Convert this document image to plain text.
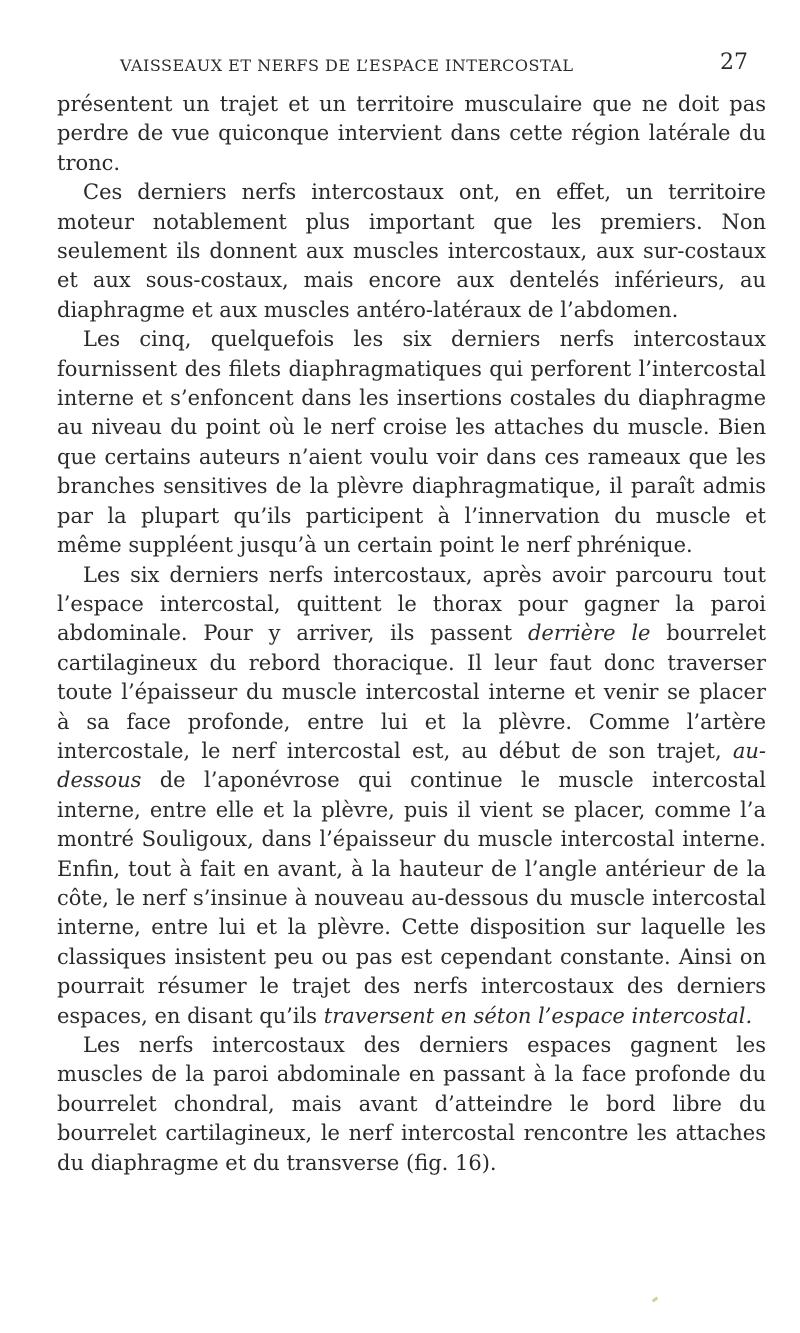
VAISSEAUX ET NERFS DE L’ESPACE INTERCOSTAL	27

présentent un trajet et un territoire musculaire que ne doit pas perdre de vue quiconque intervient dans cette région latérale du tronc.

Ces derniers nerfs intercostaux ont, en effet, un territoire moteur notablement plus important que les premiers. Non seulement ils donnent aux muscles intercostaux, aux sur-costaux et aux sous-costaux, mais encore aux dentelés inférieurs, au diaphragme et aux muscles antéro-latéraux de l’abdomen.

Les cinq, quelquefois les six derniers nerfs intercostaux fournissent des filets diaphragmatiques qui perforent l’intercostal interne et s’enfoncent dans les insertions costales du diaphragme au niveau du point où le nerf croise les attaches du muscle. Bien que certains auteurs n’aient voulu voir dans ces rameaux que les branches sensitives de la plèvre diaphragmatique, il paraît admis par la plupart qu’ils participent à l’innervation du muscle et même suppléent jusqu’à un certain point le nerf phrénique.

Les six derniers nerfs intercostaux, après avoir parcouru tout l’espace intercostal, quittent le thorax pour gagner la paroi abdominale. Pour y arriver, ils passent derrière le bourrelet cartilagineux du rebord thoracique. Il leur faut donc traverser toute l’épaisseur du muscle intercostal interne et venir se placer à sa face profonde, entre lui et la plèvre. Comme l’artère intercostale, le nerf intercostal est, au début de son trajet, au-dessous de l’aponévrose qui continue le muscle intercostal interne, entre elle et la plèvre, puis il vient se placer, comme l’a montré Souligoux, dans l’épaisseur du muscle intercostal interne. Enfin, tout à fait en avant, à la hauteur de l’angle antérieur de la côte, le nerf s’insinue à nouveau au-dessous du muscle intercostal interne, entre lui et la plèvre. Cette disposition sur laquelle les classiques insistent peu ou pas est cependant constante. Ainsi on pourrait résumer le trajet des nerfs intercostaux des derniers espaces, en disant qu’ils traversent en séton l’espace intercostal.

Les nerfs intercostaux des derniers espaces gagnent les muscles de la paroi abdominale en passant à la face profonde du bourrelet chondral, mais avant d’atteindre le bord libre du bourrelet cartilagineux, le nerf intercostal rencontre les attaches du diaphragme et du transverse (fig. 16).
